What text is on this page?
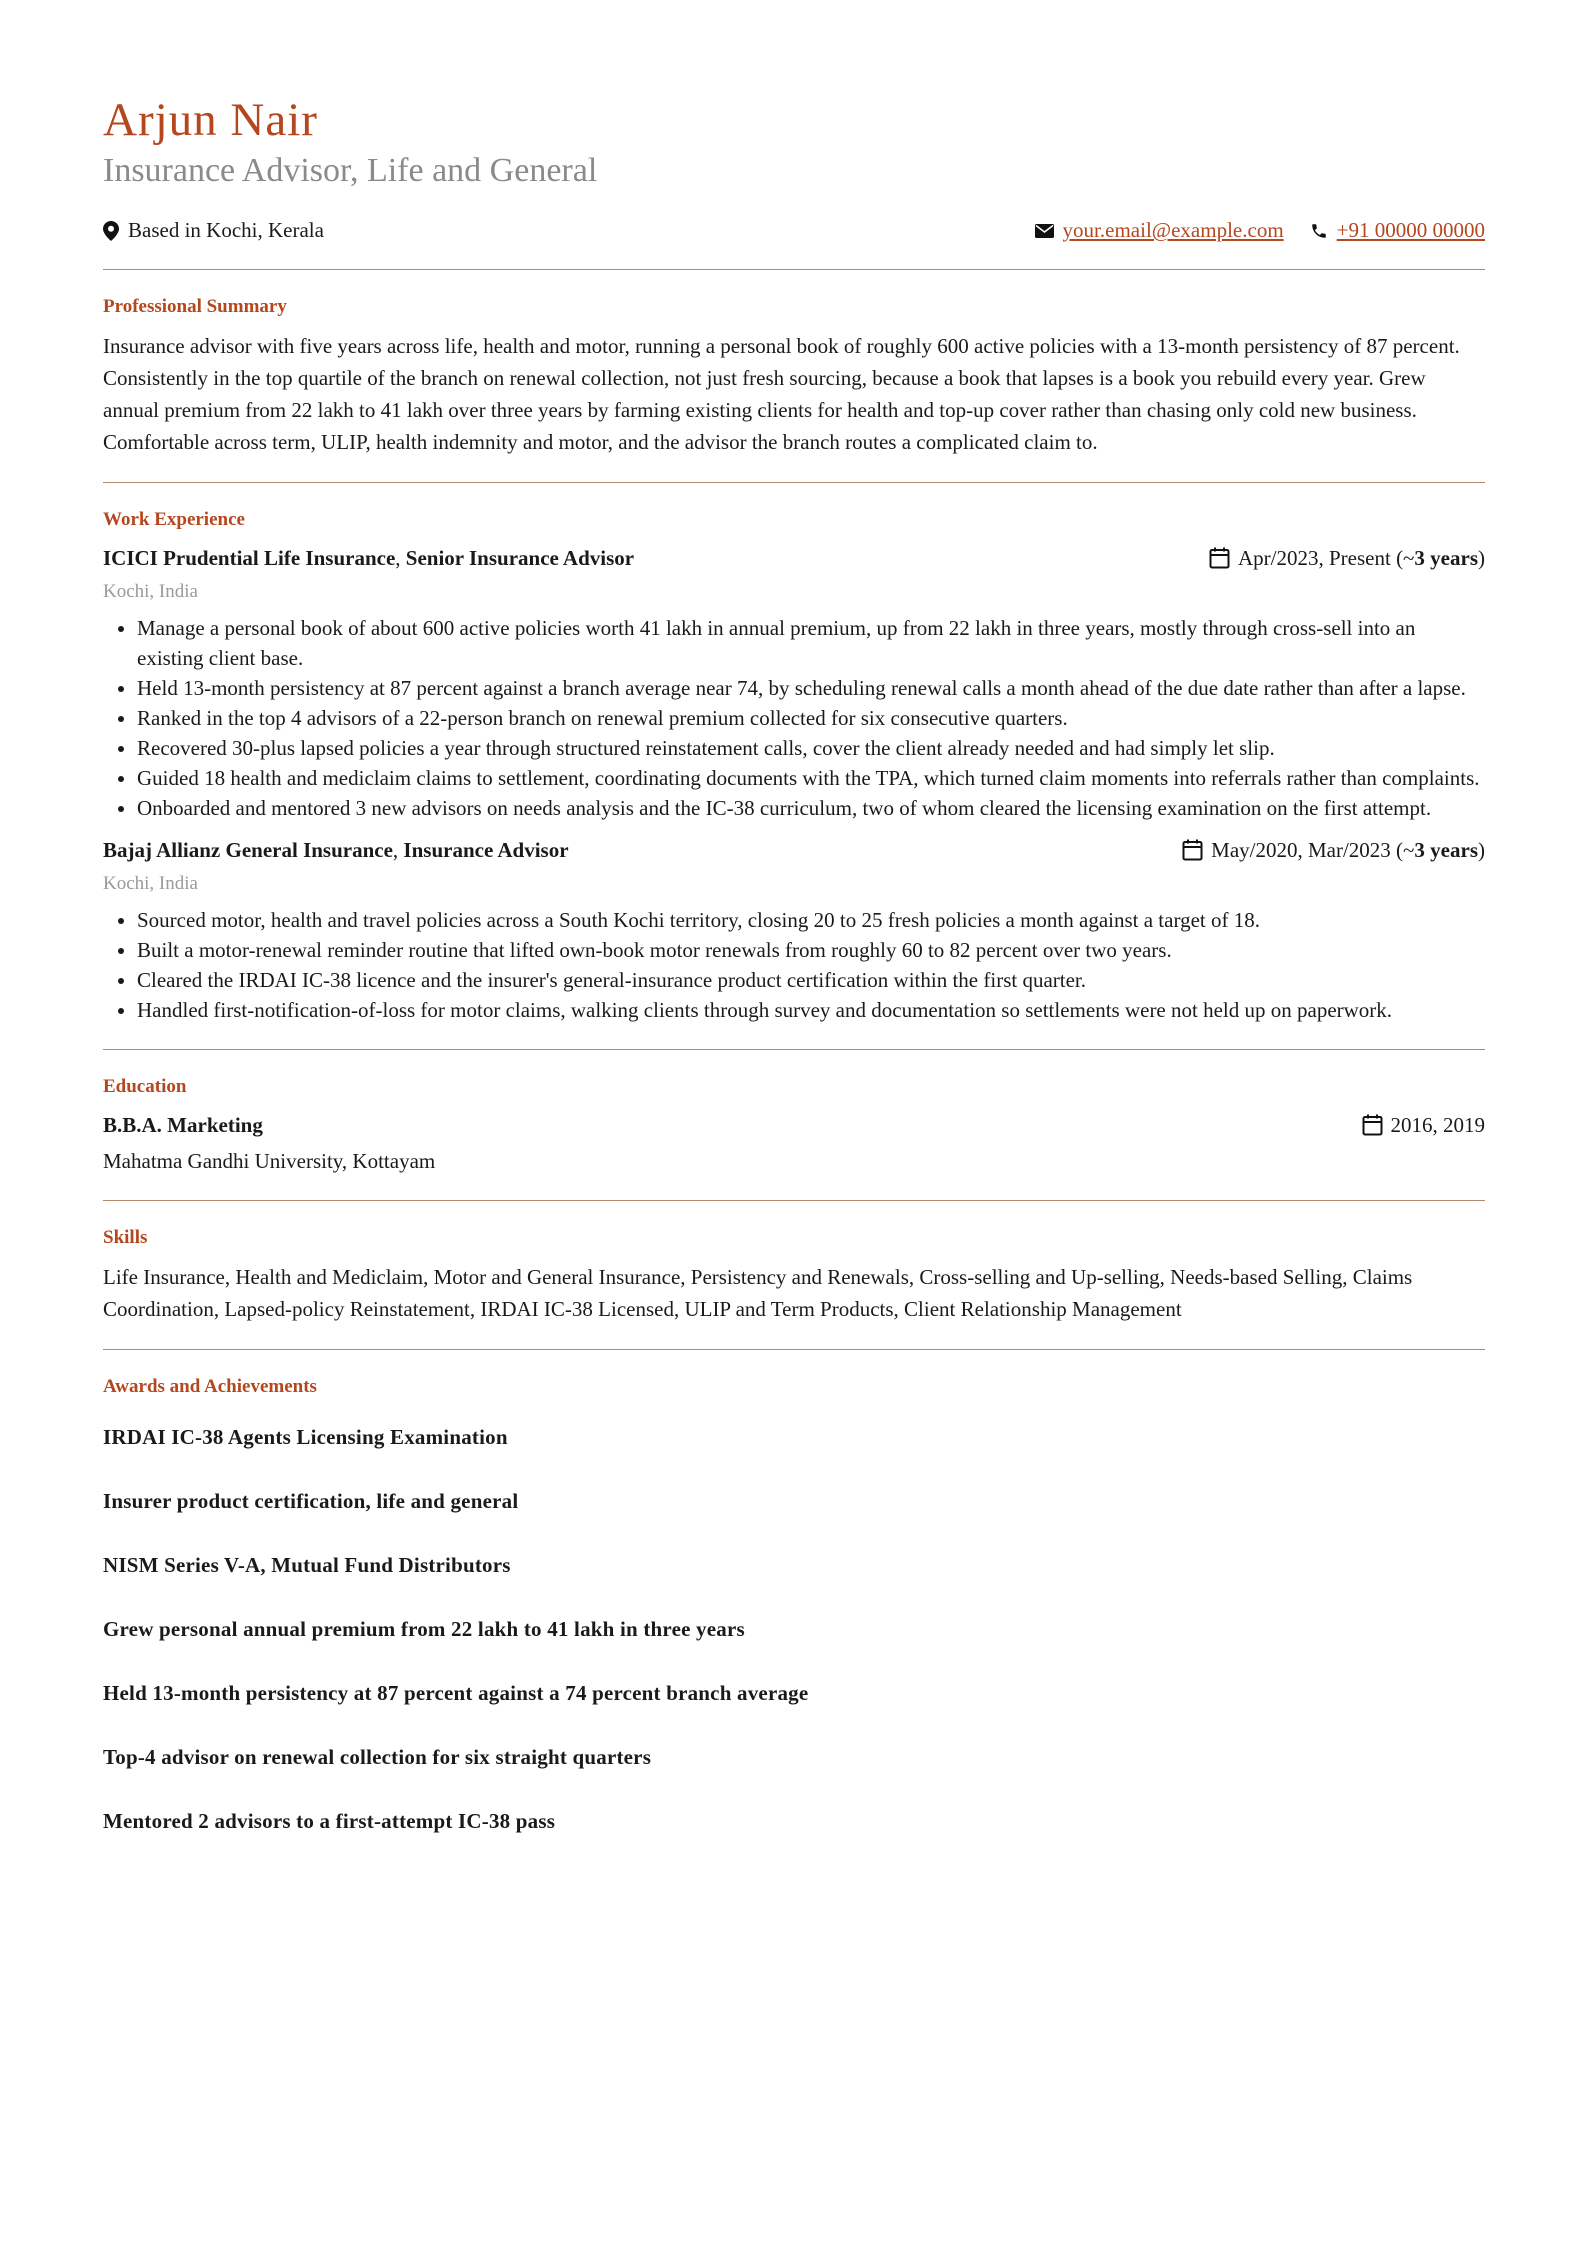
Arjun Nair
Insurance Advisor, Life and General
Based in Kochi, Kerala	your.email@example.com	+91 00000 00000
Professional Summary

Insurance advisor with five years across life, health and motor, running a personal book of roughly 600 active policies with a 13-month persistency of 87 percent. Consistently in the top quartile of the branch on renewal collection, not just fresh sourcing, because a book that lapses is a book you rebuild every year. Grew annual premium from 22 lakh to 41 lakh over three years by farming existing clients for health and top-up cover rather than chasing only cold new business. Comfortable across term, ULIP, health indemnity and motor, and the advisor the branch routes a complicated claim to.

Work Experience
ICICI Prudential Life Insurance, Senior Insurance Advisor	Apr/2023, Present (~ 3 years )
Kochi, India
• Manage a personal book of about 600 active policies worth 41 lakh in annual premium, up from 22 lakh in three years, mostly through cross-sell into an existing client base.
• Held 13-month persistency at 87 percent against a branch average near 74, by scheduling renewal calls a month ahead of the due date rather than after a lapse.
• Ranked in the top 4 advisors of a 22-person branch on renewal premium collected for six consecutive quarters.
• Recovered 30-plus lapsed policies a year through structured reinstatement calls, cover the client already needed and had simply let slip.
• Guided 18 health and mediclaim claims to settlement, coordinating documents with the TPA, which turned claim moments into referrals rather than complaints.
• Onboarded and mentored 3 new advisors on needs analysis and the IC-38 curriculum, two of whom cleared the licensing examination on the first attempt.
Bajaj Allianz General Insurance, Insurance Advisor	May/2020, Mar/2023 (~ 3 years )
Kochi, India
• Sourced motor, health and travel policies across a South Kochi territory, closing 20 to 25 fresh policies a month against a target of 18.
• Built a motor-renewal reminder routine that lifted own-book motor renewals from roughly 60 to 82 percent over two years.
• Cleared the IRDAI IC-38 licence and the insurer's general-insurance product certification within the first quarter.
• Handled first-notification-of-loss for motor claims, walking clients through survey and documentation so settlements were not held up on paperwork.
Education
B.B.A. Marketing	2016, 2019
Mahatma Gandhi University, Kottayam
Skills

Life Insurance, Health and Mediclaim, Motor and General Insurance, Persistency and Renewals, Cross-selling and Up-selling, Needs-based Selling, Claims Coordination, Lapsed-policy Reinstatement, IRDAI IC-38 Licensed, ULIP and Term Products, Client Relationship Management

Awards and Achievements
IRDAI IC-38 Agents Licensing Examination
Insurer product certification, life and general
NISM Series V-A, Mutual Fund Distributors
Grew personal annual premium from 22 lakh to 41 lakh in three years
Held 13-month persistency at 87 percent against a 74 percent branch average
Top-4 advisor on renewal collection for six straight quarters
Mentored 2 advisors to a first-attempt IC-38 pass
